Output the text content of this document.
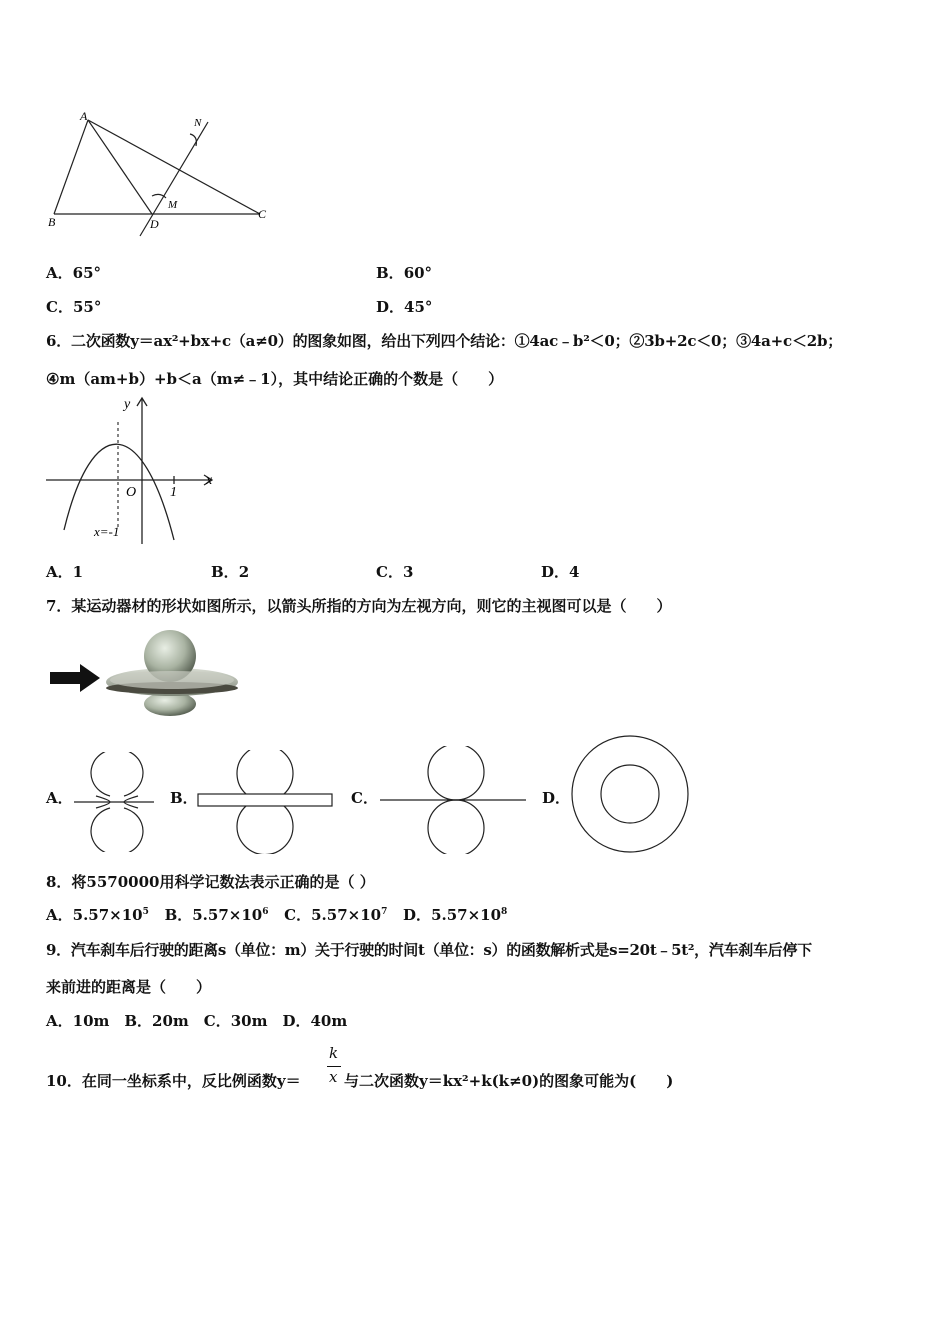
A
B	D
C
M
N
A．65°	B．60°
C．55°	D．45°
6．二次函数y＝ax²+bx+c（a≠0）的图象如图，给出下列四个结论：①4ac﹣b²＜0；②3b+2c＜0；③4a+c＜2b；
④m（am+b）+b＜a（m≠﹣1），其中结论正确的个数是（　　）
y
x
O 1
x=-1
A．1	B．2	C．3	D．4
7．某运动器材的形状如图所示，以箭头所指的方向为左视方向，则它的主视图可以是（　　）
A．	B．	C．	D．
8．将5570000用科学记数法表示正确的是（ ）
A．$5.57\times 10^5$ B．$5.57\times 10^6$ C．$5.57\times 10^7$ D．$5.57\times 10^8$
9．汽车刹车后行驶的距离s（单位：m）关于行驶的时间t（单位：s）的函数解析式是s=20t﹣5t²，汽车刹车后停下
来前进的距离是（　　）
A．10m　B．20m　C．30m　D．40m
10．在同一坐标系中，反比例函数y＝
k
x 与二次函数y＝kx²+k(k≠0)的图象可能为(　　)
